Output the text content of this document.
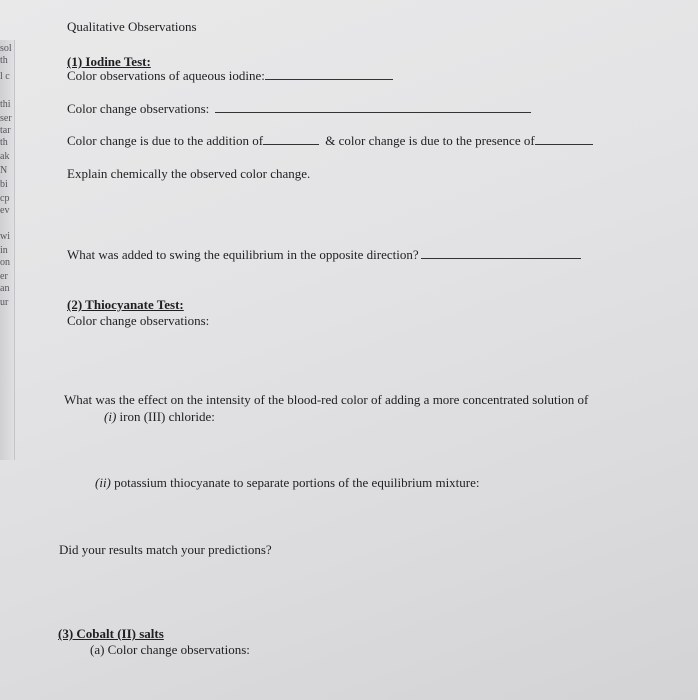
sol
th
l c
thi
ser
tar
th
ak
N
bi
cp
ev
wi
in
on
er
an
ur
Qualitative Observations
(1) Iodine Test:
Color observations of aqueous iodine:
Color change observations:
Color change is due to the addition of	& color change is due to the presence of
Explain chemically the observed color change.
What was added to swing the equilibrium in the opposite direction?
(2) Thiocyanate Test:
Color change observations:
What was the effect on the intensity of the blood-red color of adding a more concentrated solution of
(i) iron (III) chloride:
(ii) potassium thiocyanate to separate portions of the equilibrium mixture:
Did your results match your predictions?
(3) Cobalt (II) salts
(a) Color change observations:
